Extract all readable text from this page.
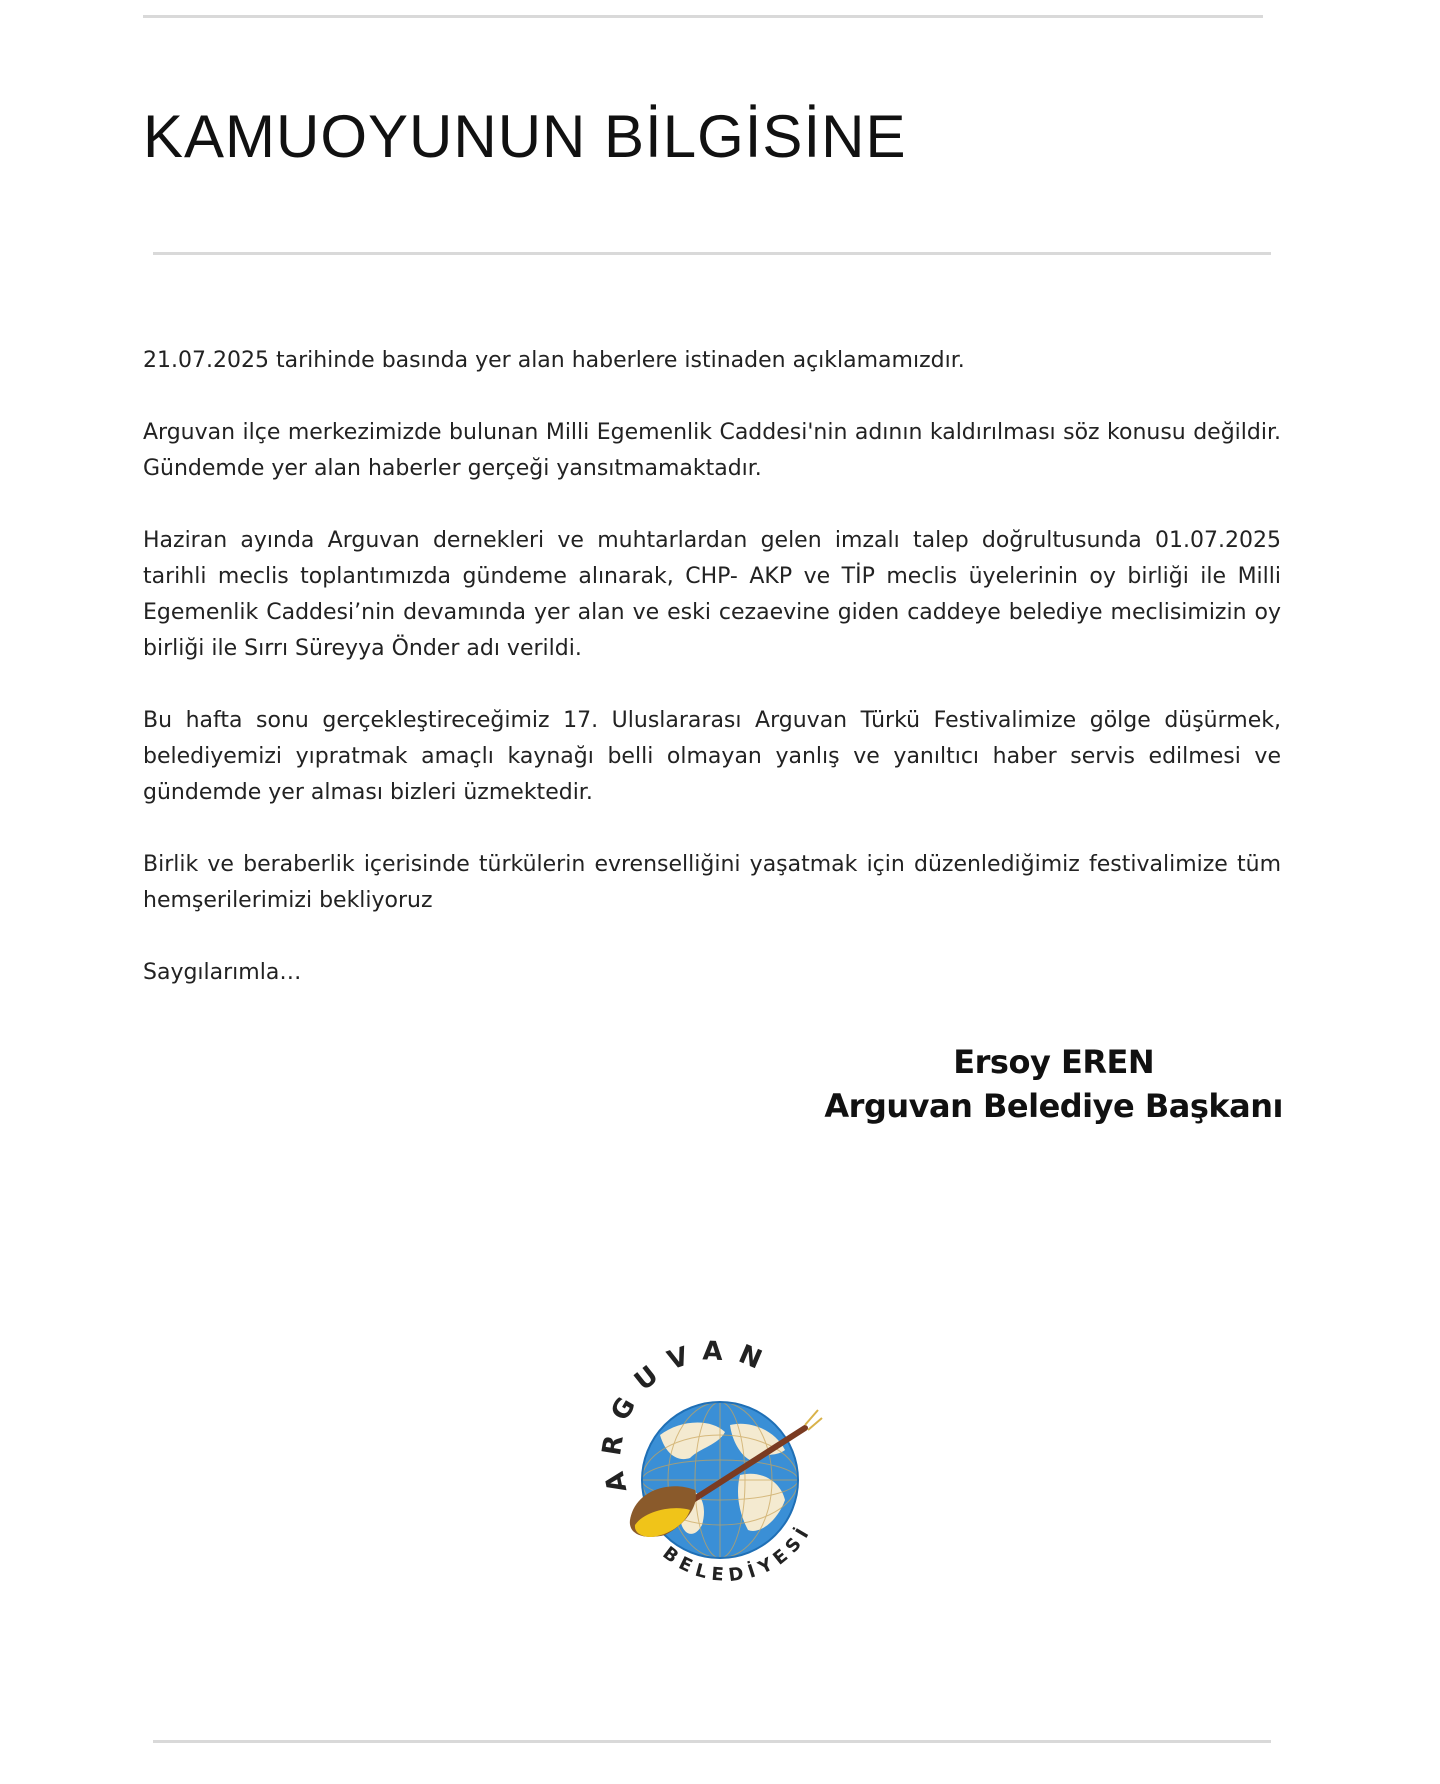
KAMUOYUNUN BİLGİSİNE

21.07.2025 tarihinde basında yer alan haberlere istinaden açıklamamızdır.

Arguvan ilçe merkezimizde bulunan Milli Egemenlik Caddesi'nin adının kaldırılması söz konusu değildir. Gündemde yer alan haberler gerçeği yansıtmamaktadır.

Haziran ayında Arguvan dernekleri ve muhtarlardan gelen imzalı talep doğrultusunda 01.07.2025 tarihli meclis toplantımızda gündeme alınarak, CHP- AKP ve TİP meclis üyelerinin oy birliği ile Milli Egemenlik Caddesi’nin devamında yer alan ve eski cezaevine giden caddeye belediye meclisimizin oy birliği ile Sırrı Süreyya Önder adı verildi.

Bu hafta sonu gerçekleştireceğimiz 17. Uluslararası Arguvan Türkü Festivalimize gölge düşürmek, belediyemizi yıpratmak amaçlı kaynağı belli olmayan yanlış ve yanıltıcı haber servis edilmesi ve gündemde yer alması bizleri üzmektedir.

Birlik ve beraberlik içerisinde türkülerin evrenselliğini yaşatmak için düzenlediğimiz festivalimize tüm hemşerilerimizi bekliyoruz

Saygılarımla…

Ersoy EREN
Arguvan Belediye Başkanı
ARGUVAN
BELEDİYESİ
